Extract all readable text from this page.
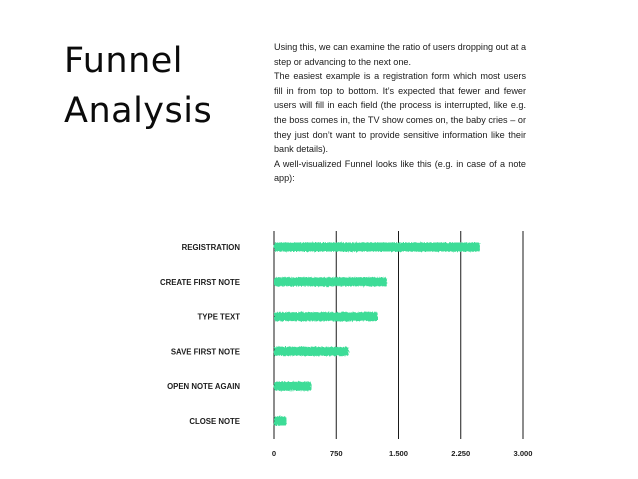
Funnel
Analysis

Using this, we can examine the ratio of users dropping out at a step or advancing to the next one.

The easiest example is a registration form which most users fill in from top to bottom. It’s expected that fewer and fewer users will fill in each field (the process is interrupted, like e.g. the boss comes in, the TV show comes on, the baby cries – or they just don’t want to provide sensitive information like their bank details).

A well-visualized Funnel looks like this (e.g. in case of a note app):

REGISTRATION
CREATE FIRST NOTE
TYPE TEXT
SAVE FIRST NOTE
OPEN NOTE AGAIN
CLOSE NOTE
0	750	1.500	2.250	3.000
